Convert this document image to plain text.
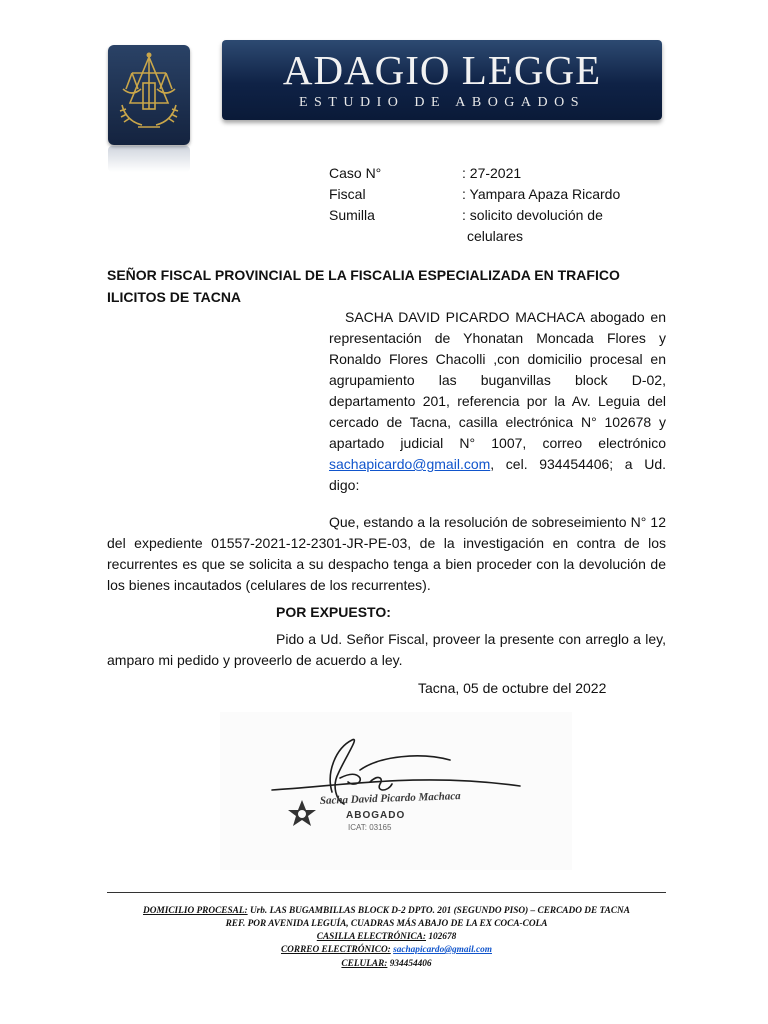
ADAGIO LEGGE
ESTUDIO DE ABOGADOS
Caso N°	: 27-2021
Fiscal	: Yampara Apaza Ricardo
Sumilla	: solicito devolución de
celulares
SEÑOR FISCAL PROVINCIAL DE LA FISCALIA ESPECIALIZADA EN TRAFICO ILICITOS DE TACNA
SACHA DAVID PICARDO MACHACA abogado en representación de Yhonatan Moncada Flores y Ronaldo Flores Chacolli ,con domicilio procesal en agrupamiento las buganvillas block D-02, departamento 201, referencia por la Av. Leguia del cercado de Tacna, casilla electrónica N° 102678 y apartado judicial N° 1007, correo electrónico sachapicardo@gmail.com, cel. 934454406; a Ud. digo:
Que, estando a la resolución de sobreseimiento N° 12 del expediente 01557-2021-12-2301-JR-PE-03, de la investigación en contra de los recurrentes es que se solicita a su despacho tenga a bien proceder con la devolución de los bienes incautados (celulares de los recurrentes).
POR EXPUESTO:
Pido a Ud. Señor Fiscal, proveer la presente con arreglo a ley, amparo mi pedido y proveerlo de acuerdo a ley.
Tacna, 05 de octubre del 2022
Sacha David Picardo Machaca
ABOGADO
ICAT: 03165
DOMICILIO PROCESAL: Urb. LAS BUGAMBILLAS BLOCK D-2 DPTO. 201 (SEGUNDO PISO) – CERCADO DE TACNA
REF. POR AVENIDA LEGUÍA, CUADRAS MÁS ABAJO DE LA EX COCA-COLA
CASILLA ELECTRÓNICA: 102678
CORREO ELECTRÓNICO: sachapicardo@gmail.com
CELULAR: 934454406
